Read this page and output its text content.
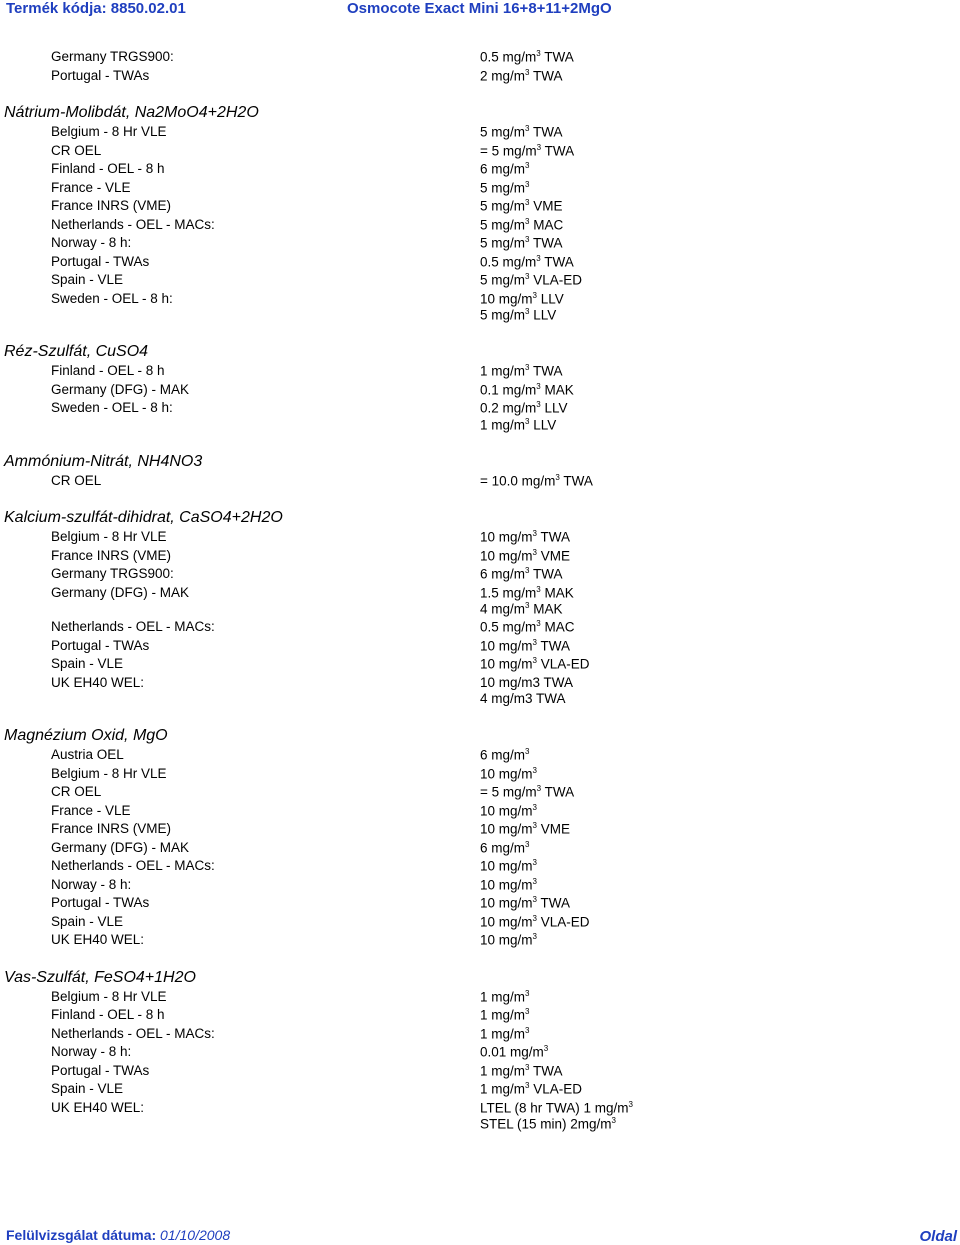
Termék kódja: 8850.02.01	Osmocote Exact Mini 16+8+11+2MgO
Germany TRGS900:	0.5 $mg/m^3$ TWA
Portugal - TWAs	2 $mg/m^3$ TWA
Nátrium-Molibdát, Na2MoO4+2H2O
Belgium - 8 Hr VLE	5 $mg/m^3$ TWA
CR OEL	= 5 $mg/m^3$ TWA
Finland - OEL - 8 h	6 $mg/m^3$
France - VLE	5 $mg/m^3$
France INRS (VME)	5 $mg/m^3$ VME
Netherlands - OEL - MACs:	5 $mg/m^3$ MAC
Norway - 8 h:	5 $mg/m^3$ TWA
Portugal - TWAs	0.5 $mg/m^3$ TWA
Spain - VLE	5 $mg/m^3$ VLA-ED
Sweden - OEL - 8 h:	10 $mg/m^3$ LLV
5 $mg/m^3$ LLV
Réz-Szulfát, CuSO4
Finland - OEL - 8 h	1 $mg/m^3$ TWA
Germany (DFG) - MAK	0.1 $mg/m^3$ MAK
Sweden - OEL - 8 h:	0.2 $mg/m^3$ LLV
1 $mg/m^3$ LLV
Ammónium-Nitrát, NH4NO3
CR OEL	= 10.0 $mg/m^3$ TWA
Kalcium-szulfát-dihidrat, CaSO4+2H2O
Belgium - 8 Hr VLE	10 $mg/m^3$ TWA
France INRS (VME)	10 $mg/m^3$ VME
Germany TRGS900:	6 $mg/m^3$ TWA
Germany (DFG) - MAK	1.5 $mg/m^3$ MAK
4 $mg/m^3$ MAK
Netherlands - OEL - MACs:	0.5 $mg/m^3$ MAC
Portugal - TWAs	10 $mg/m^3$ TWA
Spain - VLE	10 $mg/m^3$ VLA-ED
UK EH40 WEL:	10 mg/m3 TWA
4 mg/m3 TWA
Magnézium Oxid, MgO
Austria OEL	6 $mg/m^3$
Belgium - 8 Hr VLE	10 $mg/m^3$
CR OEL	= 5 $mg/m^3$ TWA
France - VLE	10 $mg/m^3$
France INRS (VME)	10 $mg/m^3$ VME
Germany (DFG) - MAK	6 $mg/m^3$
Netherlands - OEL - MACs:	10 $mg/m^3$
Norway - 8 h:	10 $mg/m^3$
Portugal - TWAs	10 $mg/m^3$ TWA
Spain - VLE	10 $mg/m^3$ VLA-ED
UK EH40 WEL:	10 $mg/m^3$
Vas-Szulfát, FeSO4+1H2O
Belgium - 8 Hr VLE	1 $mg/m^3$
Finland - OEL - 8 h	1 $mg/m^3$
Netherlands - OEL - MACs:	1 $mg/m^3$
Norway - 8 h:	0.01 $mg/m^3$
Portugal - TWAs	1 $mg/m^3$ TWA
Spain - VLE	1 $mg/m^3$ VLA-ED
UK EH40 WEL:	LTEL (8 hr TWA) 1 $mg/m^3$
STEL (15 min) $2mg/m^3$
Felülvizsgálat dátuma: 01/10/2008	Oldal
